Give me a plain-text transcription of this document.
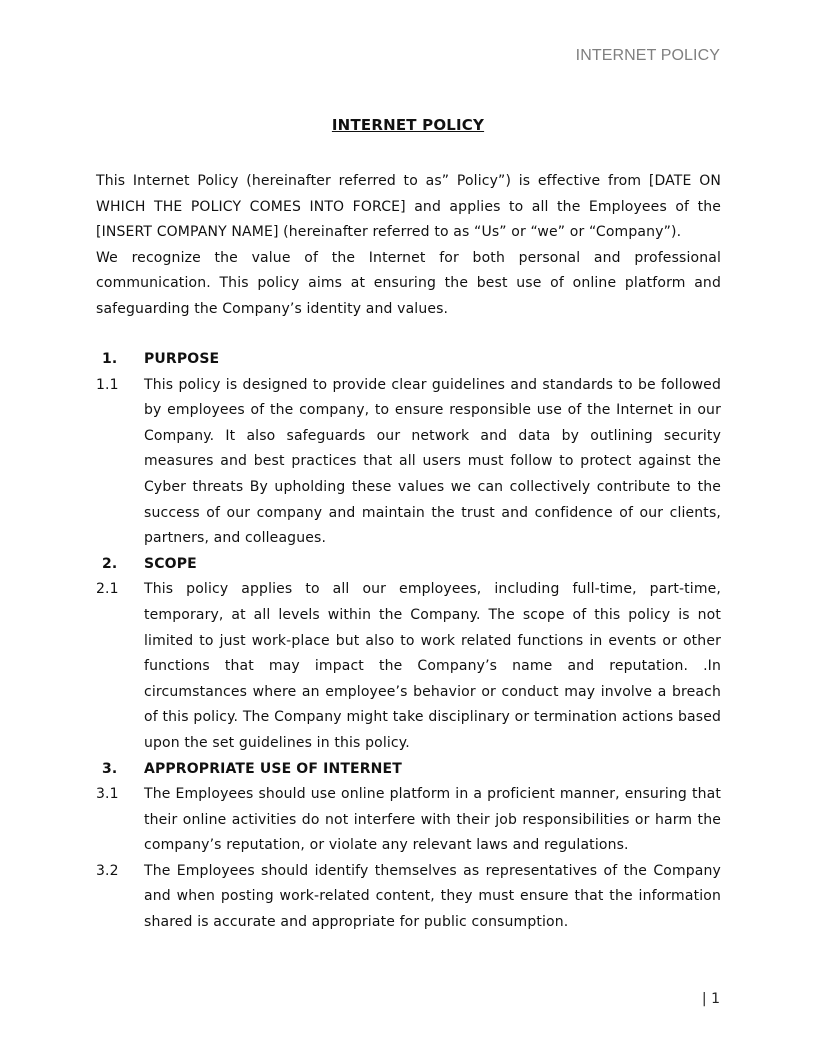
INTERNET POLICY
INTERNET POLICY

This Internet Policy (hereinafter referred to as” Policy”) is effective from [DATE ON WHICH THE POLICY COMES INTO FORCE] and applies to all the Employees of the [INSERT COMPANY NAME] (hereinafter referred to as “Us” or “we” or “Company”).

We recognize the value of the Internet for both personal and professional communication. This policy aims at ensuring the best use of online platform and safeguarding the Company’s identity and values.

1.	PURPOSE
1.1	This policy is designed to provide clear guidelines and standards to be followed by employees of the company, to ensure responsible use of the Internet in our Company. It also safeguards our network and data by outlining security measures and best practices that all users must follow to protect against the Cyber threats By upholding these values we can collectively contribute to the success of our company and maintain the trust and confidence of our clients, partners, and colleagues.
2.	SCOPE
2.1	This policy applies to all our employees, including full-time, part-time, temporary, at all levels within the Company. The scope of this policy is not limited to just work-place but also to work related functions in events or other functions that may impact the Company’s name and reputation. .In circumstances where an employee’s behavior or conduct may involve a breach of this policy. The Company might take disciplinary or termination actions based upon the set guidelines in this policy.
3.	APPROPRIATE USE OF INTERNET
3.1	The Employees should use online platform in a proficient manner, ensuring that their online activities do not interfere with their job responsibilities or harm the company’s reputation, or violate any relevant laws and regulations.
3.2	The Employees should identify themselves as representatives of the Company and when posting work-related content, they must ensure that the information shared is accurate and appropriate for public consumption.
| 1
